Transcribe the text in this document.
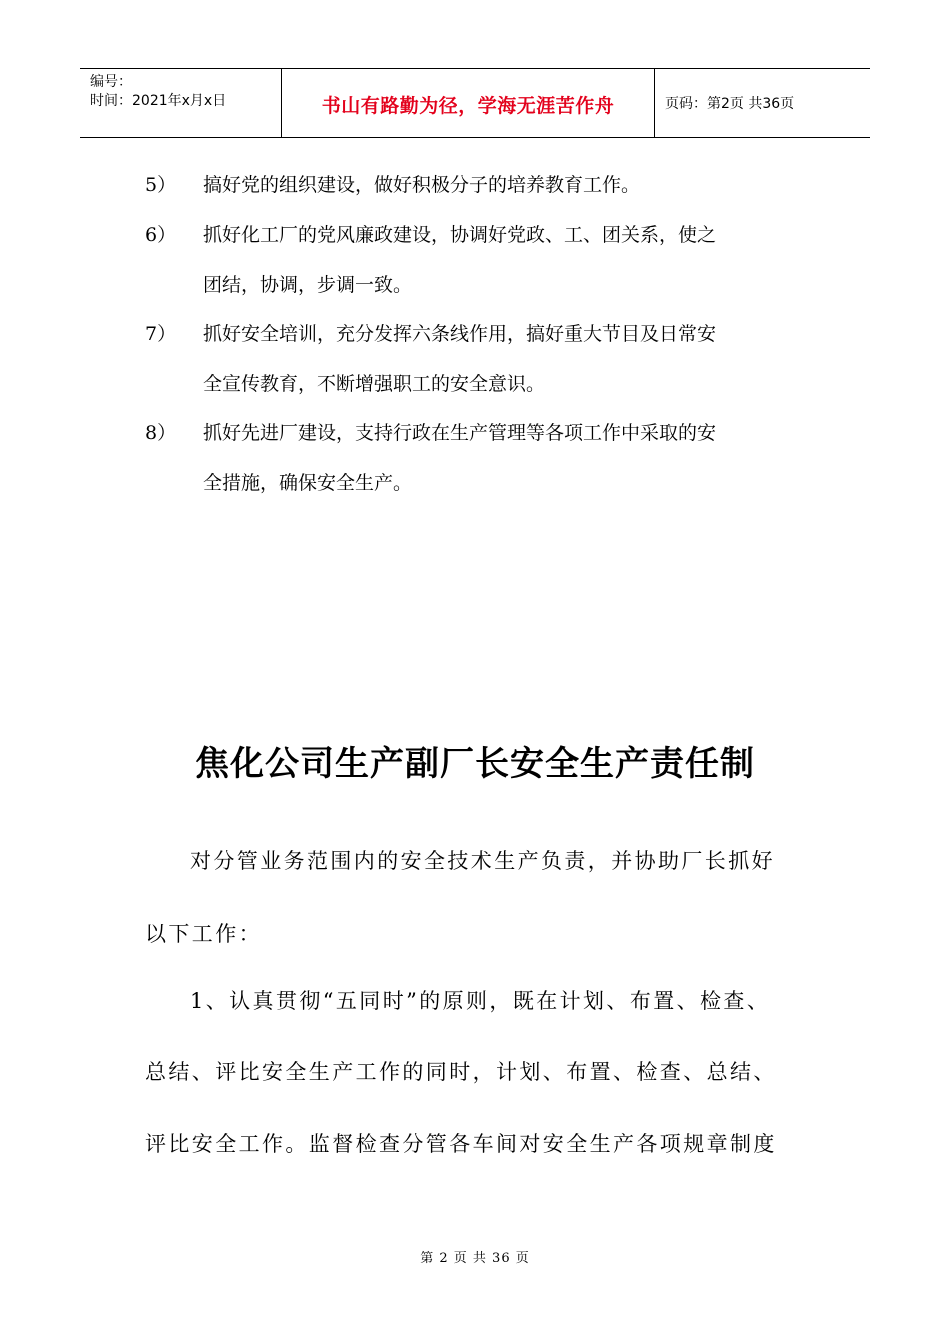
编号：
时间：2021年x月x日	书山有路勤为径，学海无涯苦作舟	页码：第2页 共36页
5） 搞好党的组织建设，做好积极分子的培养教育工作。
6） 抓好化工厂的党风廉政建设，协调好党政、工、团关系，使之
团结，协调，步调一致。
7） 抓好安全培训，充分发挥六条线作用，搞好重大节目及日常安
全宣传教育，不断增强职工的安全意识。
8） 抓好先进厂建设，支持行政在生产管理等各项工作中采取的安
全措施，确保安全生产。
焦化公司生产副厂长安全生产责任制
对分管业务范围内的安全技术生产负责，并协助厂长抓好
以下工作：
1、认真贯彻“五同时”的原则，既在计划、布置、检查、
总结、评比安全生产工作的同时，计划、布置、检查、总结、
评比安全工作。监督检查分管各车间对安全生产各项规章制度
第 2 页 共 36 页
